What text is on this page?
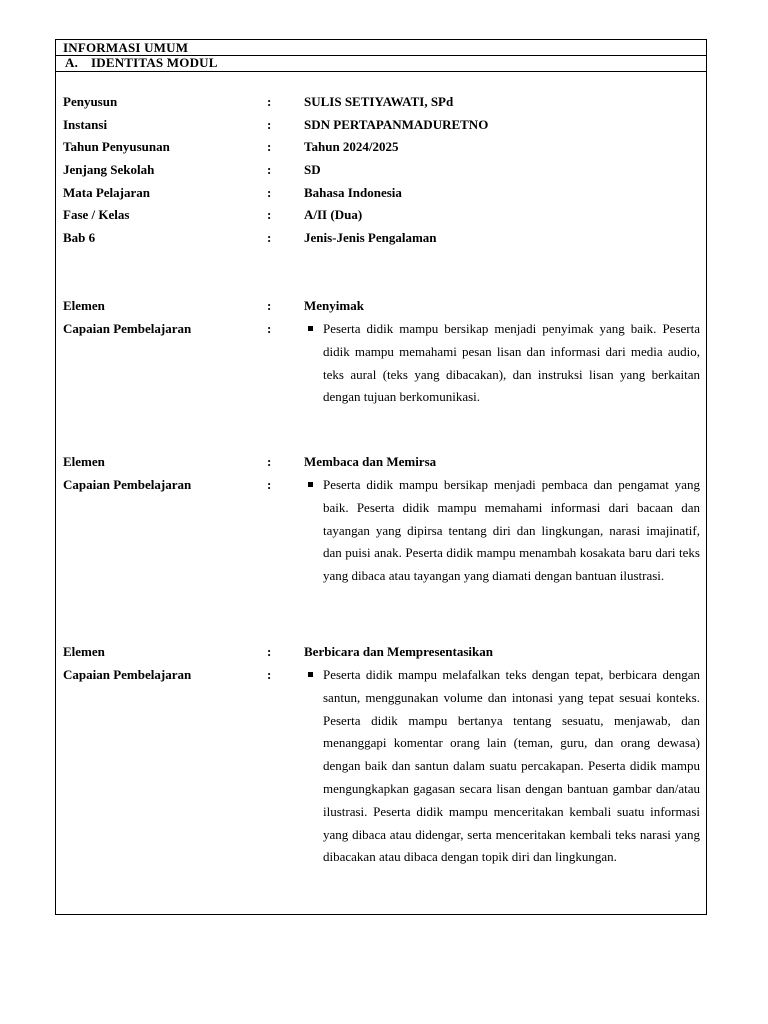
INFORMASI UMUM
A. IDENTITAS MODUL
Penyusun	:	SULIS SETIYAWATI, SPd
Instansi	:	SDN PERTAPANMADURETNO
Tahun Penyusunan	:	Tahun 2024/2025
Jenjang Sekolah	:	SD
Mata Pelajaran	:	Bahasa Indonesia
Fase / Kelas	:	A/II (Dua)
Bab 6	:	Jenis-Jenis Pengalaman
Elemen	:	Menyimak
Capaian Pembelajaran	:	Peserta didik mampu bersikap menjadi penyimak yang baik. Peserta didik mampu memahami pesan lisan dan informasi dari media audio, teks aural (teks yang dibacakan), dan instruksi lisan yang berkaitan dengan tujuan berkomunikasi.

Elemen	:	Membaca dan Memirsa
Capaian Pembelajaran	:	Peserta didik mampu bersikap menjadi pembaca dan pengamat yang baik. Peserta didik mampu memahami informasi dari bacaan dan tayangan yang dipirsa tentang diri dan lingkungan, narasi imajinatif, dan puisi anak. Peserta didik mampu menambah kosakata baru dari teks yang dibaca atau tayangan yang diamati dengan bantuan ilustrasi.

Elemen	:	Berbicara dan Mempresentasikan
Capaian Pembelajaran	:	Peserta didik mampu melafalkan teks dengan tepat, berbicara dengan santun, menggunakan volume dan intonasi yang tepat sesuai konteks. Peserta didik mampu bertanya tentang sesuatu, menjawab, dan menanggapi komentar orang lain (teman, guru, dan orang dewasa) dengan baik dan santun dalam suatu percakapan. Peserta didik mampu mengungkapkan gagasan secara lisan dengan bantuan gambar dan/atau ilustrasi. Peserta didik mampu menceritakan kembali suatu informasi yang dibaca atau didengar, serta menceritakan kembali teks narasi yang dibacakan atau dibaca dengan topik diri dan lingkungan.
